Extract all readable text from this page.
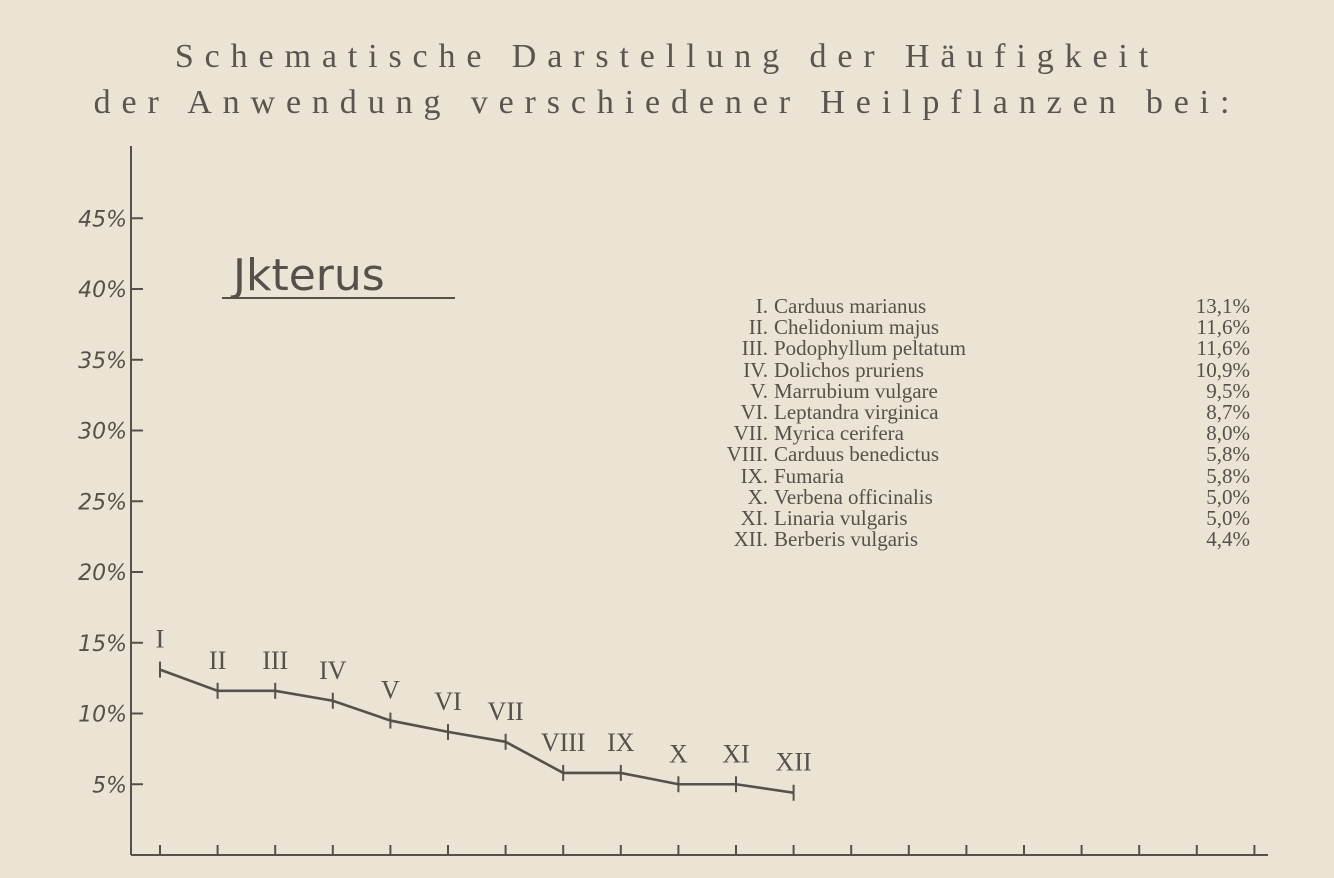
Schematische Darstellung der Häufigkeit
der Anwendung verschiedener Heilpflanzen bei:
5%
10%
15%
20%
25%
30%
35%
40%
45%
Jkterus
I
II III IV
V VI VII
VIII IX X XI XII
I. Carduus marianus	13,1%
II. Chelidonium majus	11,6%
III. Podophyllum peltatum	11,6%
IV. Dolichos pruriens	10,9%
V. Marrubium vulgare	9,5%
VI. Leptandra virginica	8,7%
VII. Myrica cerifera	8,0%
VIII. Carduus benedictus	5,8%
IX. Fumaria	5,8%
X. Verbena officinalis	5,0%
XI. Linaria vulgaris	5,0%
XII. Berberis vulgaris	4,4%
